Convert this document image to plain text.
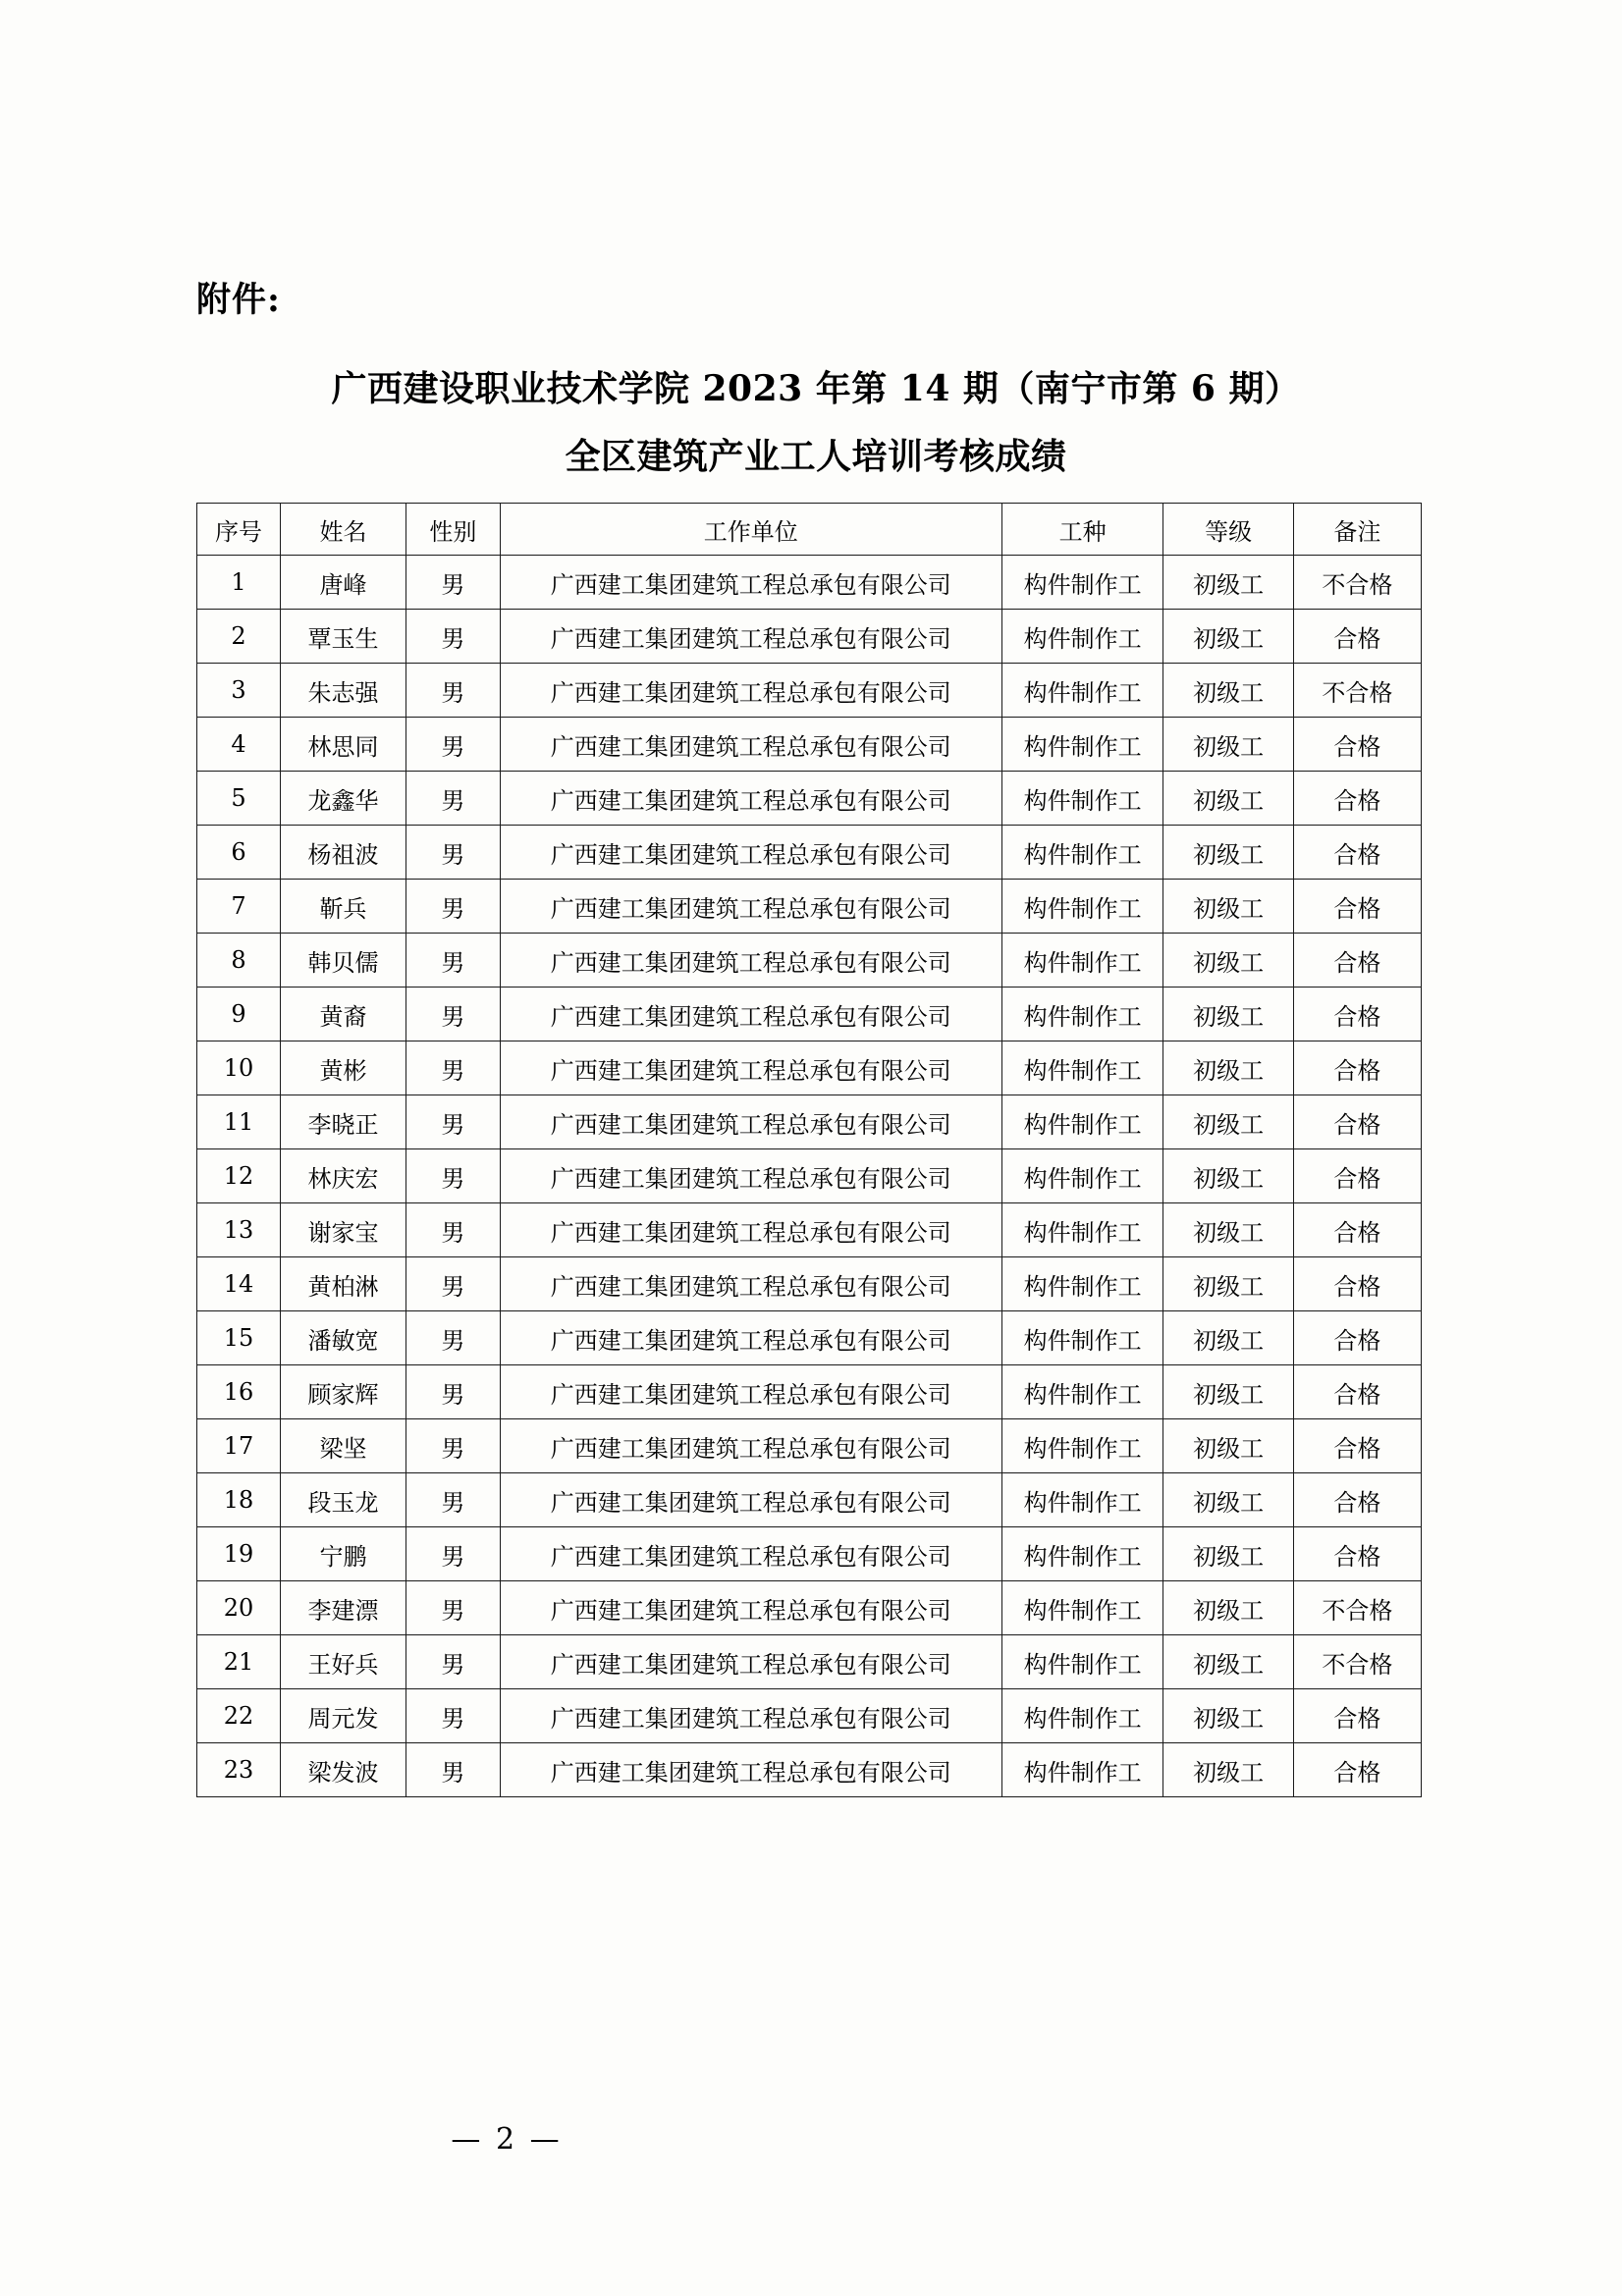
附件:
广西建设职业技术学院 2023 年第 14 期（南宁市第 6 期）
全区建筑产业工人培训考核成绩
序号	姓名	性别	工作单位	工种	等级	备注
1	唐峰	男	广西建工集团建筑工程总承包有限公司	构件制作工	初级工	不合格
2	覃玉生	男	广西建工集团建筑工程总承包有限公司	构件制作工	初级工	合格
3	朱志强	男	广西建工集团建筑工程总承包有限公司	构件制作工	初级工	不合格
4	林思同	男	广西建工集团建筑工程总承包有限公司	构件制作工	初级工	合格
5	龙鑫华	男	广西建工集团建筑工程总承包有限公司	构件制作工	初级工	合格
6	杨祖波	男	广西建工集团建筑工程总承包有限公司	构件制作工	初级工	合格
7	靳兵	男	广西建工集团建筑工程总承包有限公司	构件制作工	初级工	合格
8	韩贝儒	男	广西建工集团建筑工程总承包有限公司	构件制作工	初级工	合格
9	黄裔	男	广西建工集团建筑工程总承包有限公司	构件制作工	初级工	合格
10	黄彬	男	广西建工集团建筑工程总承包有限公司	构件制作工	初级工	合格
11	李晓正	男	广西建工集团建筑工程总承包有限公司	构件制作工	初级工	合格
12	林庆宏	男	广西建工集团建筑工程总承包有限公司	构件制作工	初级工	合格
13	谢家宝	男	广西建工集团建筑工程总承包有限公司	构件制作工	初级工	合格
14	黄柏淋	男	广西建工集团建筑工程总承包有限公司	构件制作工	初级工	合格
15	潘敏宽	男	广西建工集团建筑工程总承包有限公司	构件制作工	初级工	合格
16	顾家辉	男	广西建工集团建筑工程总承包有限公司	构件制作工	初级工	合格
17	梁坚	男	广西建工集团建筑工程总承包有限公司	构件制作工	初级工	合格
18	段玉龙	男	广西建工集团建筑工程总承包有限公司	构件制作工	初级工	合格
19	宁鹏	男	广西建工集团建筑工程总承包有限公司	构件制作工	初级工	合格
20	李建漂	男	广西建工集团建筑工程总承包有限公司	构件制作工	初级工	不合格
21	王好兵	男	广西建工集团建筑工程总承包有限公司	构件制作工	初级工	不合格
22	周元发	男	广西建工集团建筑工程总承包有限公司	构件制作工	初级工	合格
23	梁发波	男	广西建工集团建筑工程总承包有限公司	构件制作工	初级工	合格
— 2 —
